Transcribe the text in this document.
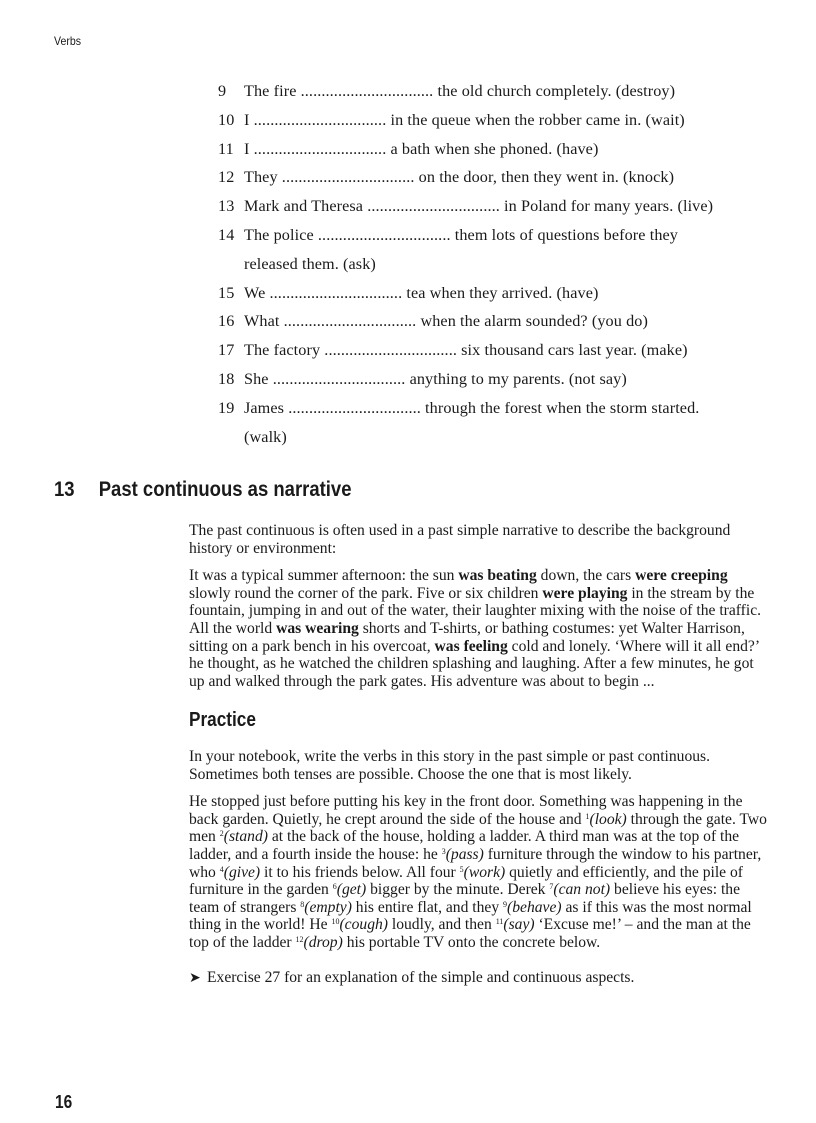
Verbs
9	The fire ................................ the old church completely. (destroy)
10 I ................................ in the queue when the robber came in. (wait)
11 I ................................ a bath when she phoned. (have)
12 They ................................ on the door, then they went in. (knock)
13 Mark and Theresa ................................ in Poland for many years. (live)
14 The police ................................ them lots of questions before they
released them. (ask)
15 We ................................ tea when they arrived. (have)
16 What ................................ when the alarm sounded? (you do)
17 The factory ................................ six thousand cars last year. (make)
18 She ................................ anything to my parents. (not say)
19 James ................................ through the forest when the storm started.
(walk)
13 Past continuous as narrative

The past continuous is often used in a past simple narrative to describe the background history or environment:

It was a typical summer afternoon: the sun was beating down, the cars were creeping slowly round the corner of the park. Five or six children were playing in the stream by the fountain, jumping in and out of the water, their laughter mixing with the noise of the traffic. All the world was wearing shorts and T-shirts, or bathing costumes: yet Walter Harrison, sitting on a park bench in his overcoat, was feeling cold and lonely. ‘Where will it all end?’ he thought, as he watched the children splashing and laughing. After a few minutes, he got up and walked through the park gates. His adventure was about to begin ...

Practice

In your notebook, write the verbs in this story in the past simple or past continuous. Sometimes both tenses are possible. Choose the one that is most likely.

He stopped just before putting his key in the front door. Something was happening in the back garden. Quietly, he crept around the side of the house and $^1$(look) through the gate. Two men $^2$(stand) at the back of the house, holding a ladder. A third man was at the top of the ladder, and a fourth inside the house: he $^3$(pass) furniture through the window to his partner, who $^4$(give) it to his friends below. All four $^5$(work) quietly and efficiently, and the pile of furniture in the garden $^6$(get) bigger by the minute. Derek $^7$(can not) believe his eyes: the team of strangers $^8$(empty) his entire flat, and they $^9$(behave) as if this was the most normal thing in the world! He $^{10}$(cough) loudly, and then $^{11}$(say) ‘Excuse me!’ – and the man at the top of the ladder $^{12}$(drop) his portable TV onto the concrete below.

➤ Exercise 27 for an explanation of the simple and continuous aspects.

16
